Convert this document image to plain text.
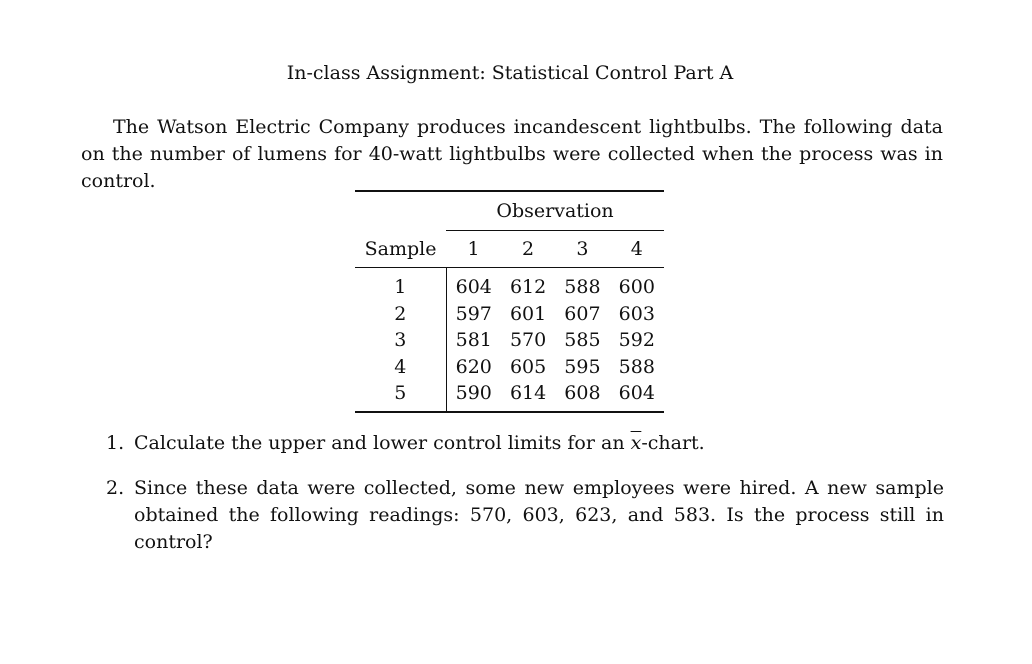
In-class Assignment: Statistical Control Part A
The Watson Electric Company produces incandescent lightbulbs. The following data on the number of lumens for 40-watt lightbulbs were collected when the process was in control.
	Observation			
Sample	1	2	3	4
1	604	612	588	600
2	597	601	607	603
3	581	570	585	592
4	620	605	595	588
5	590	614	608	604
1. Calculate the upper and lower control limits for an $\overline{x}$-chart.
2. Since these data were collected, some new employees were hired. A new sample obtained the following readings: 570, 603, 623, and 583. Is the process still in control?
